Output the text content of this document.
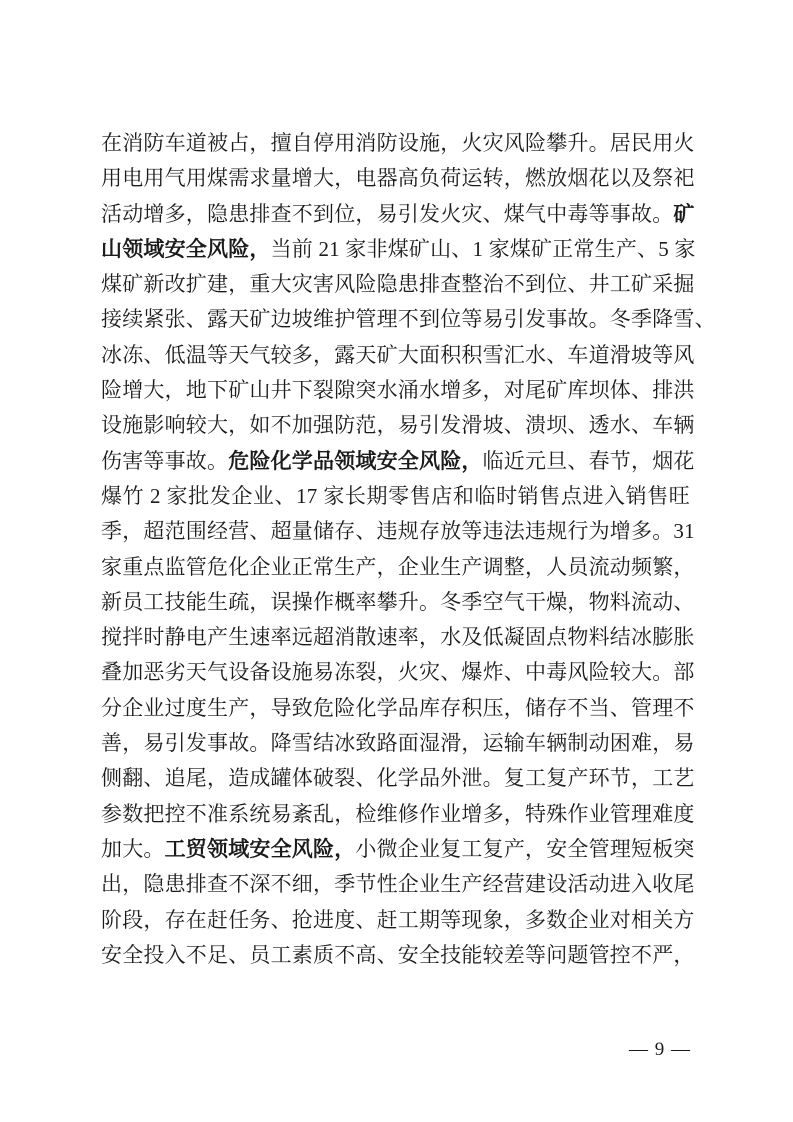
在消防车道被占，擅自停用消防设施，火灾风险攀升。居民用火
用电用气用煤需求量增大，电器高负荷运转，燃放烟花以及祭祀
活动增多，隐患排查不到位，易引发火灾、煤气中毒等事故。矿
山领域安全风险，当前 21 家非煤矿山、1 家煤矿正常生产、5 家
煤矿新改扩建，重大灾害风险隐患排查整治不到位、井工矿采掘
接续紧张、露天矿边坡维护管理不到位等易引发事故。冬季降雪、
冰冻、低温等天气较多，露天矿大面积积雪汇水、车道滑坡等风
险增大，地下矿山井下裂隙突水涌水增多，对尾矿库坝体、排洪
设施影响较大，如不加强防范，易引发滑坡、溃坝、透水、车辆
伤害等事故。危险化学品领域安全风险，临近元旦、春节，烟花
爆竹 2 家批发企业、17 家长期零售店和临时销售点进入销售旺
季，超范围经营、超量储存、违规存放等违法违规行为增多。31
家重点监管危化企业正常生产，企业生产调整，人员流动频繁，
新员工技能生疏，误操作概率攀升。冬季空气干燥，物料流动、
搅拌时静电产生速率远超消散速率，水及低凝固点物料结冰膨胀
叠加恶劣天气设备设施易冻裂，火灾、爆炸、中毒风险较大。部
分企业过度生产，导致危险化学品库存积压，储存不当、管理不
善，易引发事故。降雪结冰致路面湿滑，运输车辆制动困难，易
侧翻、追尾，造成罐体破裂、化学品外泄。复工复产环节，工艺
参数把控不准系统易紊乱，检维修作业增多，特殊作业管理难度
加大。工贸领域安全风险，小微企业复工复产，安全管理短板突
出，隐患排查不深不细，季节性企业生产经营建设活动进入收尾
阶段，存在赶任务、抢进度、赶工期等现象，多数企业对相关方
安全投入不足、员工素质不高、安全技能较差等问题管控不严，
— 9 —
